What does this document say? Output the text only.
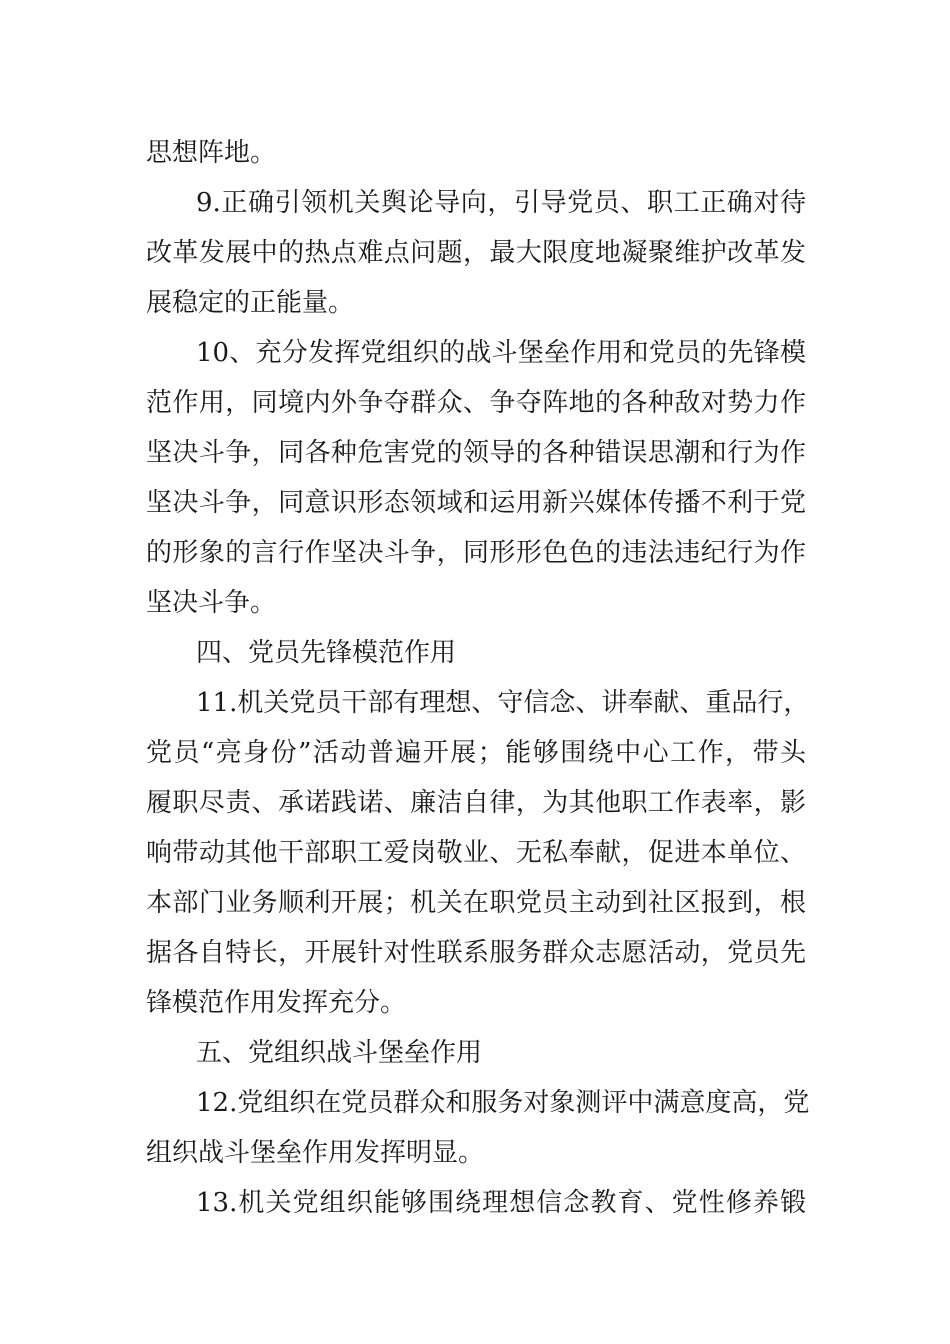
思想阵地。
9.正确引领机关舆论导向，引导党员、职工正确对待
改革发展中的热点难点问题，最大限度地凝聚维护改革发
展稳定的正能量。
10、充分发挥党组织的战斗堡垒作用和党员的先锋模
范作用，同境内外争夺群众、争夺阵地的各种敌对势力作
坚决斗争，同各种危害党的领导的各种错误思潮和行为作
坚决斗争，同意识形态领域和运用新兴媒体传播不利于党
的形象的言行作坚决斗争，同形形色色的违法违纪行为作
坚决斗争。
四、党员先锋模范作用
11.机关党员干部有理想、守信念、讲奉献、重品行，
党员“亮身份”活动普遍开展；能够围绕中心工作，带头
履职尽责、承诺践诺、廉洁自律，为其他职工作表率，影
响带动其他干部职工爱岗敬业、无私奉献，促进本单位、
本部门业务顺利开展；机关在职党员主动到社区报到，根
据各自特长，开展针对性联系服务群众志愿活动，党员先
锋模范作用发挥充分。
五、党组织战斗堡垒作用
12.党组织在党员群众和服务对象测评中满意度高，党
组织战斗堡垒作用发挥明显。
13.机关党组织能够围绕理想信念教育、党性修养锻
